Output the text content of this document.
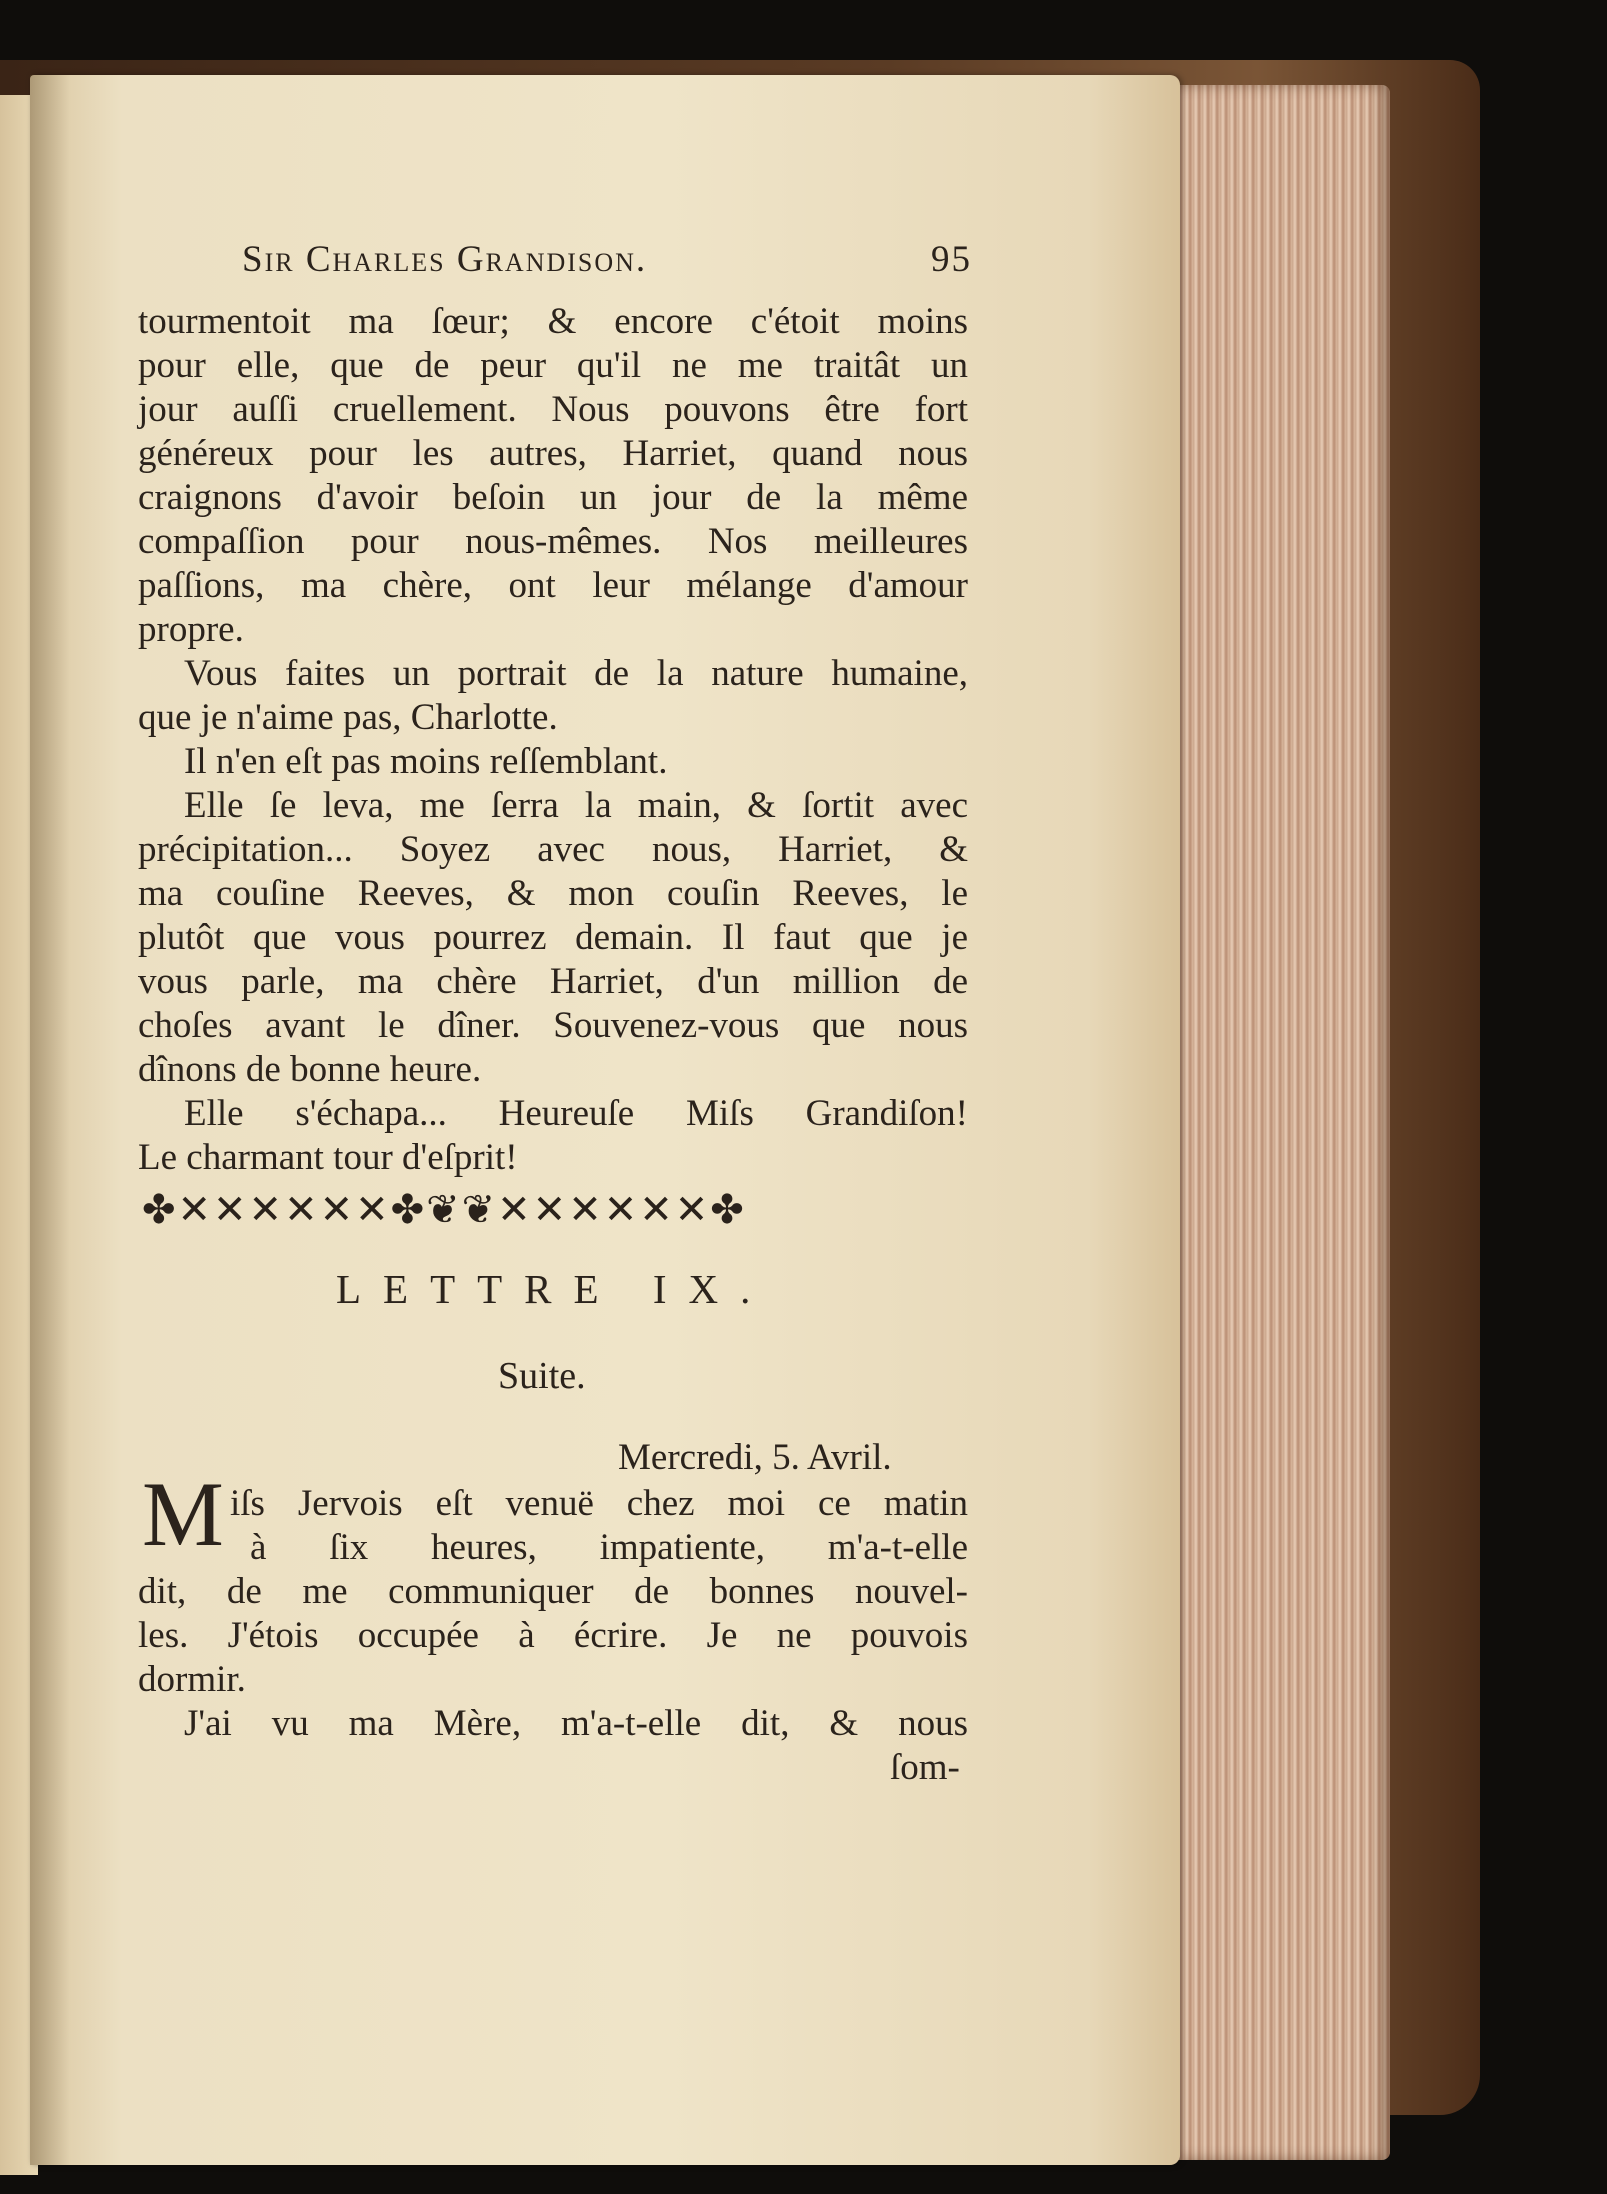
Sir Charles Grandison.	95
tourmentoit ma ſœur; & encore c'étoit moins
pour elle, que de peur qu'il ne me traitât un
jour auſſi cruellement. Nous pouvons être fort
généreux pour les autres, Harriet, quand nous
craignons d'avoir beſoin un jour de la même
compaſſion pour nous-mêmes. Nos meilleures
paſſions, ma chère, ont leur mélange d'amour
propre.
Vous faites un portrait de la nature humaine,
que je n'aime pas, Charlotte.
Il n'en eſt pas moins reſſemblant.
Elle ſe leva, me ſerra la main, & ſortit avec
précipitation... Soyez avec nous, Harriet, &
ma couſine Reeves, & mon couſin Reeves, le
plutôt que vous pourrez demain. Il faut que je
vous parle, ma chère Harriet, d'un million de
choſes avant le dîner. Souvenez-vous que nous
dînons de bonne heure.
Elle s'échapa... Heureuſe Miſs Grandiſon!
Le charmant tour d'eſprit!
✤✕✕✕✕✕✕✤❦❦✕✕✕✕✕✕✤
LETTRE IX.
Suite.
Mercredi, 5. Avril.
M iſs Jervois eſt venuë chez moi ce matin
à ſix heures, impatiente, m'a-t-elle
dit, de me communiquer de bonnes nouvel-
les. J'étois occupée à écrire. Je ne pouvois
dormir.
J'ai vu ma Mère, m'a-t-elle dit, & nous
ſom-
